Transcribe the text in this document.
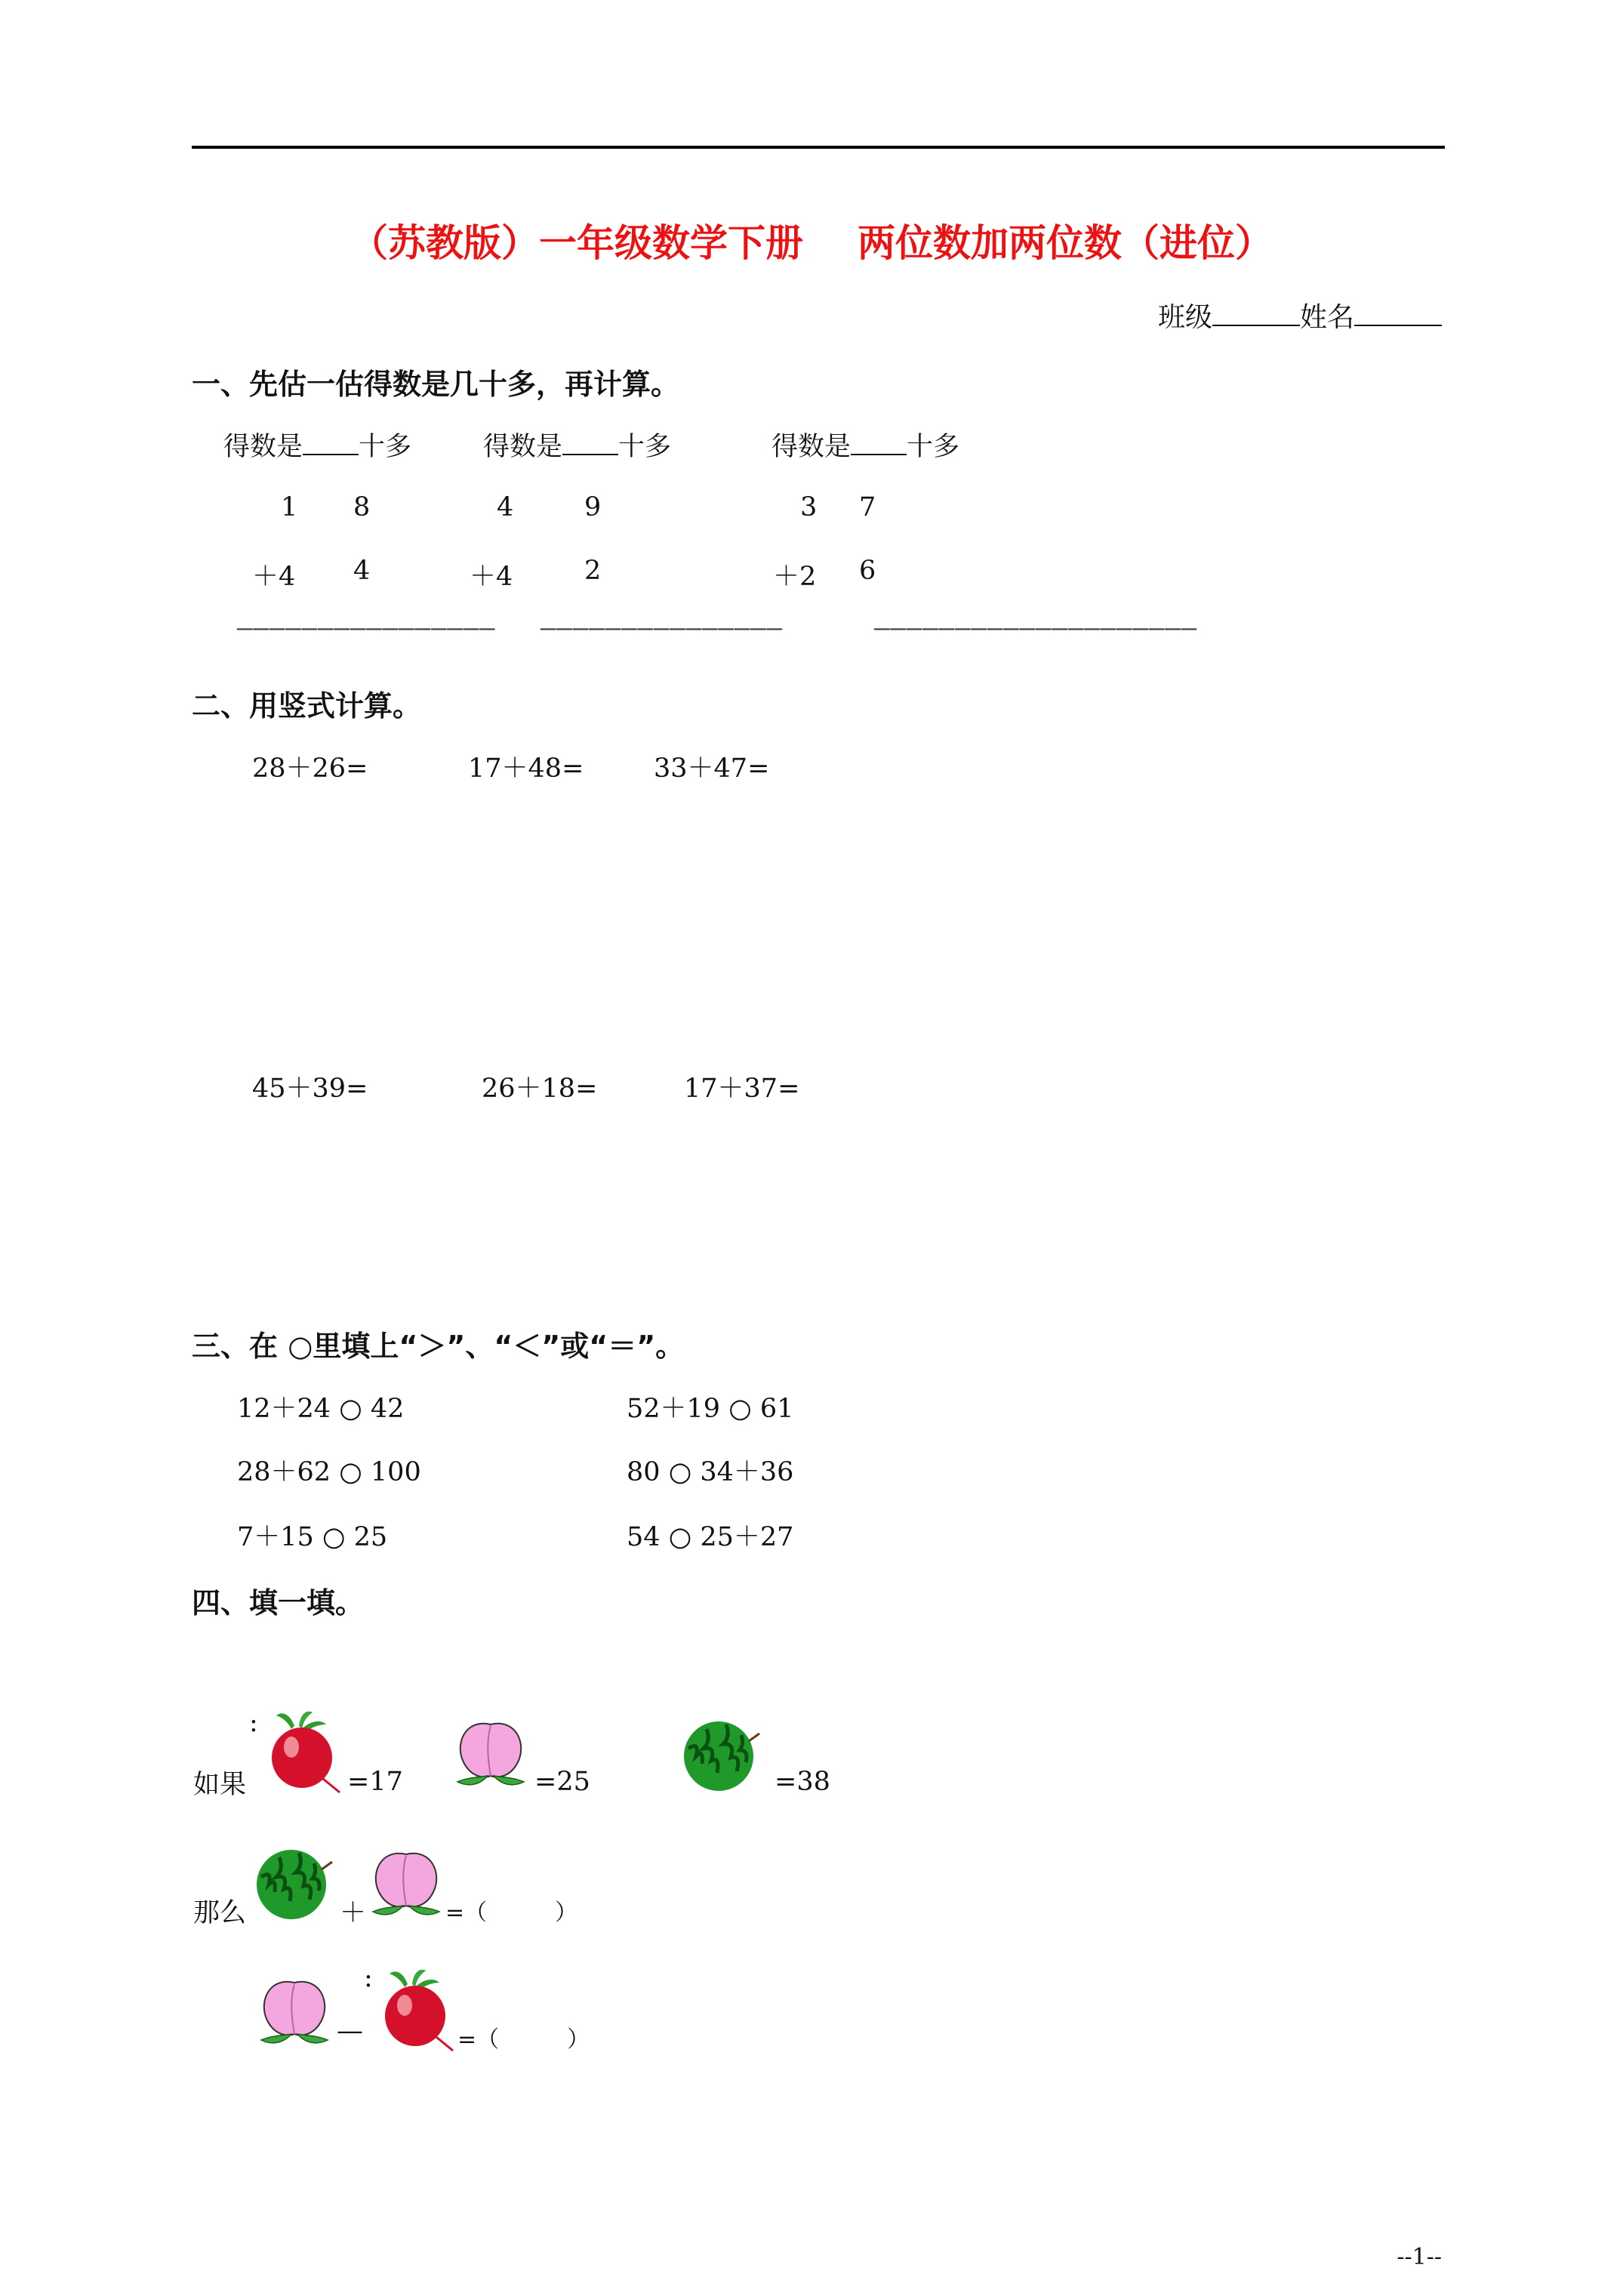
（苏教版）一年级数学下册 两位数加两位数（进位）
班级	姓名
一、先估一估得数是几十多，再计算。
得数是 十多	得数是 十多	得数是 十多
1 8
＋4 4
————————————————
4	9
＋4	2
———————————————
3 7
＋2 6
————————————————————
二、用竖式计算。
28＋26=	17＋48=	33＋47=
45＋39=	26＋18=	17＋37=
三、在 ○里填上“＞”、“＜”或“＝”。
12＋24 ○ 42	52＋19 ○ 61
28＋62 ○ 100	80 ○ 34＋36
7＋15 ○ 25	54 ○ 25＋27
四、填一填。
:
如果	=17	=25	=38
那么	＋	=（　　　）
—
:
=（　　　）
--1--
